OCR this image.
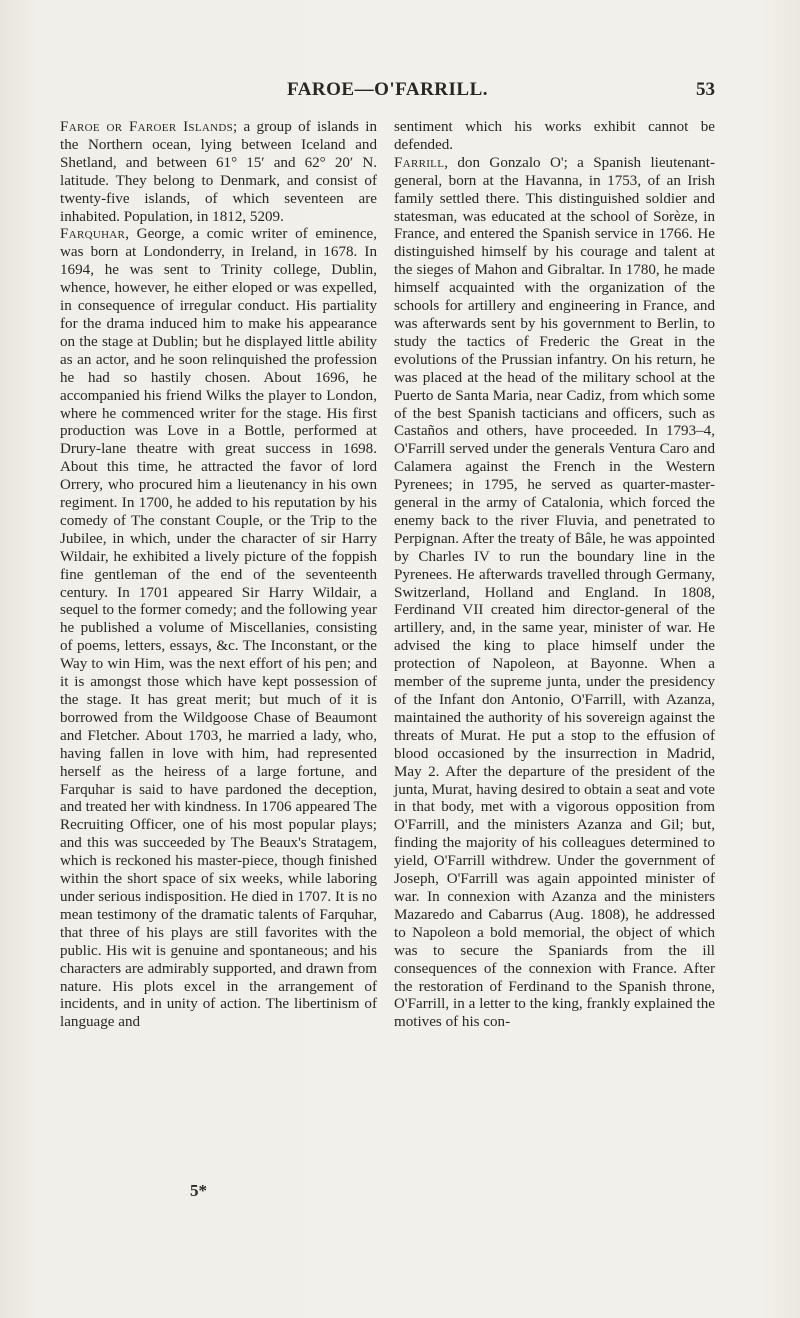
FAROE—O'FARRILL.	53

Faroe or Faroer Islands; a group of islands in the Northern ocean, lying between Iceland and Shetland, and between 61° 15′ and 62° 20′ N. latitude. They belong to Denmark, and consist of twenty-five islands, of which seventeen are inhabited. Population, in 1812, 5209.

Farquhar, George, a comic writer of eminence, was born at Londonderry, in Ireland, in 1678. In 1694, he was sent to Trinity college, Dublin, whence, however, he either eloped or was expelled, in consequence of irregular conduct. His partiality for the drama induced him to make his appearance on the stage at Dublin; but he displayed little ability as an actor, and he soon relinquished the profession he had so hastily chosen. About 1696, he accompanied his friend Wilks the player to London, where he commenced writer for the stage. His first production was Love in a Bottle, performed at Drury-lane theatre with great success in 1698. About this time, he attracted the favor of lord Orrery, who procured him a lieutenancy in his own regiment. In 1700, he added to his reputation by his comedy of The constant Couple, or the Trip to the Jubilee, in which, under the character of sir Harry Wildair, he exhibited a lively picture of the foppish fine gentleman of the end of the seventeenth century. In 1701 appeared Sir Harry Wildair, a sequel to the former comedy; and the following year he published a volume of Miscellanies, consisting of poems, letters, essays, &c. The Inconstant, or the Way to win Him, was the next effort of his pen; and it is amongst those which have kept possession of the stage. It has great merit; but much of it is borrowed from the Wildgoose Chase of Beaumont and Fletcher. About 1703, he married a lady, who, having fallen in love with him, had represented herself as the heiress of a large fortune, and Farquhar is said to have pardoned the deception, and treated her with kindness. In 1706 appeared The Recruiting Officer, one of his most popular plays; and this was succeeded by The Beaux's Stratagem, which is reckoned his master-piece, though finished within the short space of six weeks, while laboring under serious indisposition. He died in 1707. It is no mean testimony of the dramatic talents of Farquhar, that three of his plays are still favorites with the public. His wit is genuine and spontaneous; and his characters are admirably supported, and drawn from nature. His plots excel in the arrangement of incidents, and in unity of action. The libertinism of language and

sentiment which his works exhibit cannot be defended.

Farrill, don Gonzalo O'; a Spanish lieutenant-general, born at the Havanna, in 1753, of an Irish family settled there. This distinguished soldier and statesman, was educated at the school of Sorèze, in France, and entered the Spanish service in 1766. He distinguished himself by his courage and talent at the sieges of Mahon and Gibraltar. In 1780, he made himself acquainted with the organization of the schools for artillery and engineering in France, and was afterwards sent by his government to Berlin, to study the tactics of Frederic the Great in the evolutions of the Prussian infantry. On his return, he was placed at the head of the military school at the Puerto de Santa Maria, near Cadiz, from which some of the best Spanish tacticians and officers, such as Castaños and others, have proceeded. In 1793–4, O'Farrill served under the generals Ventura Caro and Calamera against the French in the Western Pyrenees; in 1795, he served as quarter-master-general in the army of Catalonia, which forced the enemy back to the river Fluvia, and penetrated to Perpignan. After the treaty of Bâle, he was appointed by Charles IV to run the boundary line in the Pyrenees. He afterwards travelled through Germany, Switzerland, Holland and England. In 1808, Ferdinand VII created him director-general of the artillery, and, in the same year, minister of war. He advised the king to place himself under the protection of Napoleon, at Bayonne. When a member of the supreme junta, under the presidency of the Infant don Antonio, O'Farrill, with Azanza, maintained the authority of his sovereign against the threats of Murat. He put a stop to the effusion of blood occasioned by the insurrection in Madrid, May 2. After the departure of the president of the junta, Murat, having desired to obtain a seat and vote in that body, met with a vigorous opposition from O'Farrill, and the ministers Azanza and Gil; but, finding the majority of his colleagues determined to yield, O'Farrill withdrew. Under the government of Joseph, O'Farrill was again appointed minister of war. In connexion with Azanza and the ministers Mazaredo and Cabarrus (Aug. 1808), he addressed to Napoleon a bold memorial, the object of which was to secure the Spaniards from the ill consequences of the connexion with France. After the restoration of Ferdinand to the Spanish throne, O'Farrill, in a letter to the king, frankly explained the motives of his con-

5*
